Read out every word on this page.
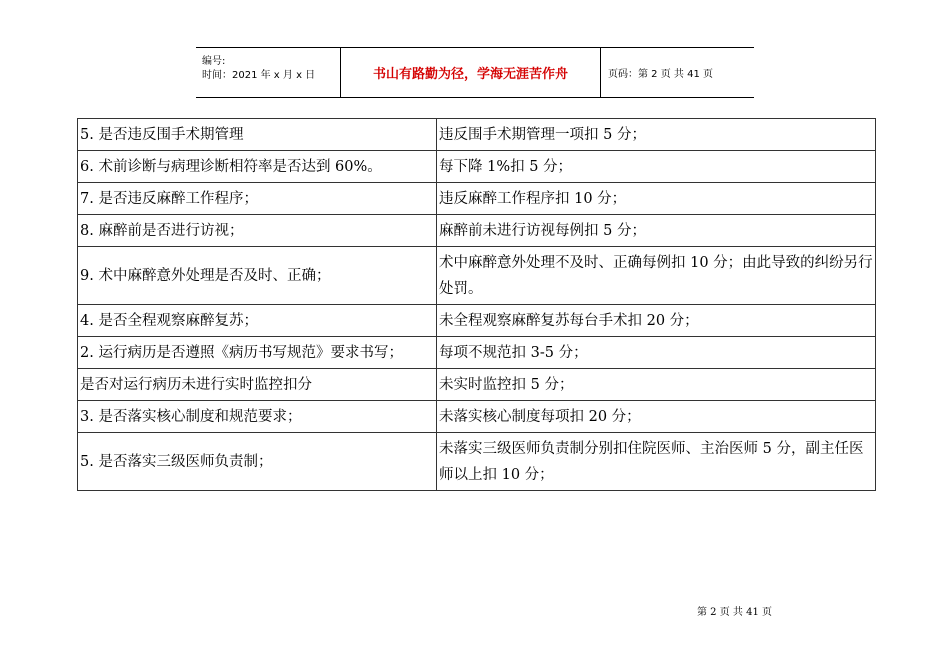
编号:
时间：2021 年 x 月 x 日	书山有路勤为径，学海无涯苦作舟	页码：第 2 页 共 41 页
5. 是否违反围手术期管理	违反围手术期管理一项扣 5 分；
6. 术前诊断与病理诊断相符率是否达到 60%。	每下降 1%扣 5 分；
7. 是否违反麻醉工作程序；	违反麻醉工作程序扣 10 分；
8. 麻醉前是否进行访视；	麻醉前未进行访视每例扣 5 分；
9. 术中麻醉意外处理是否及时、正确；	术中麻醉意外处理不及时、正确每例扣 10 分；由此导致的纠纷另行处罚。
4. 是否全程观察麻醉复苏；	未全程观察麻醉复苏每台手术扣 20 分；
2. 运行病历是否遵照《病历书写规范》要求书写；	每项不规范扣 3-5 分；
是否对运行病历未进行实时监控扣分	未实时监控扣 5 分；
3. 是否落实核心制度和规范要求；	未落实核心制度每项扣 20 分；
5. 是否落实三级医师负责制；	未落实三级医师负责制分别扣住院医师、主治医师 5 分，副主任医师以上扣 10 分；
第 2 页 共 41 页
